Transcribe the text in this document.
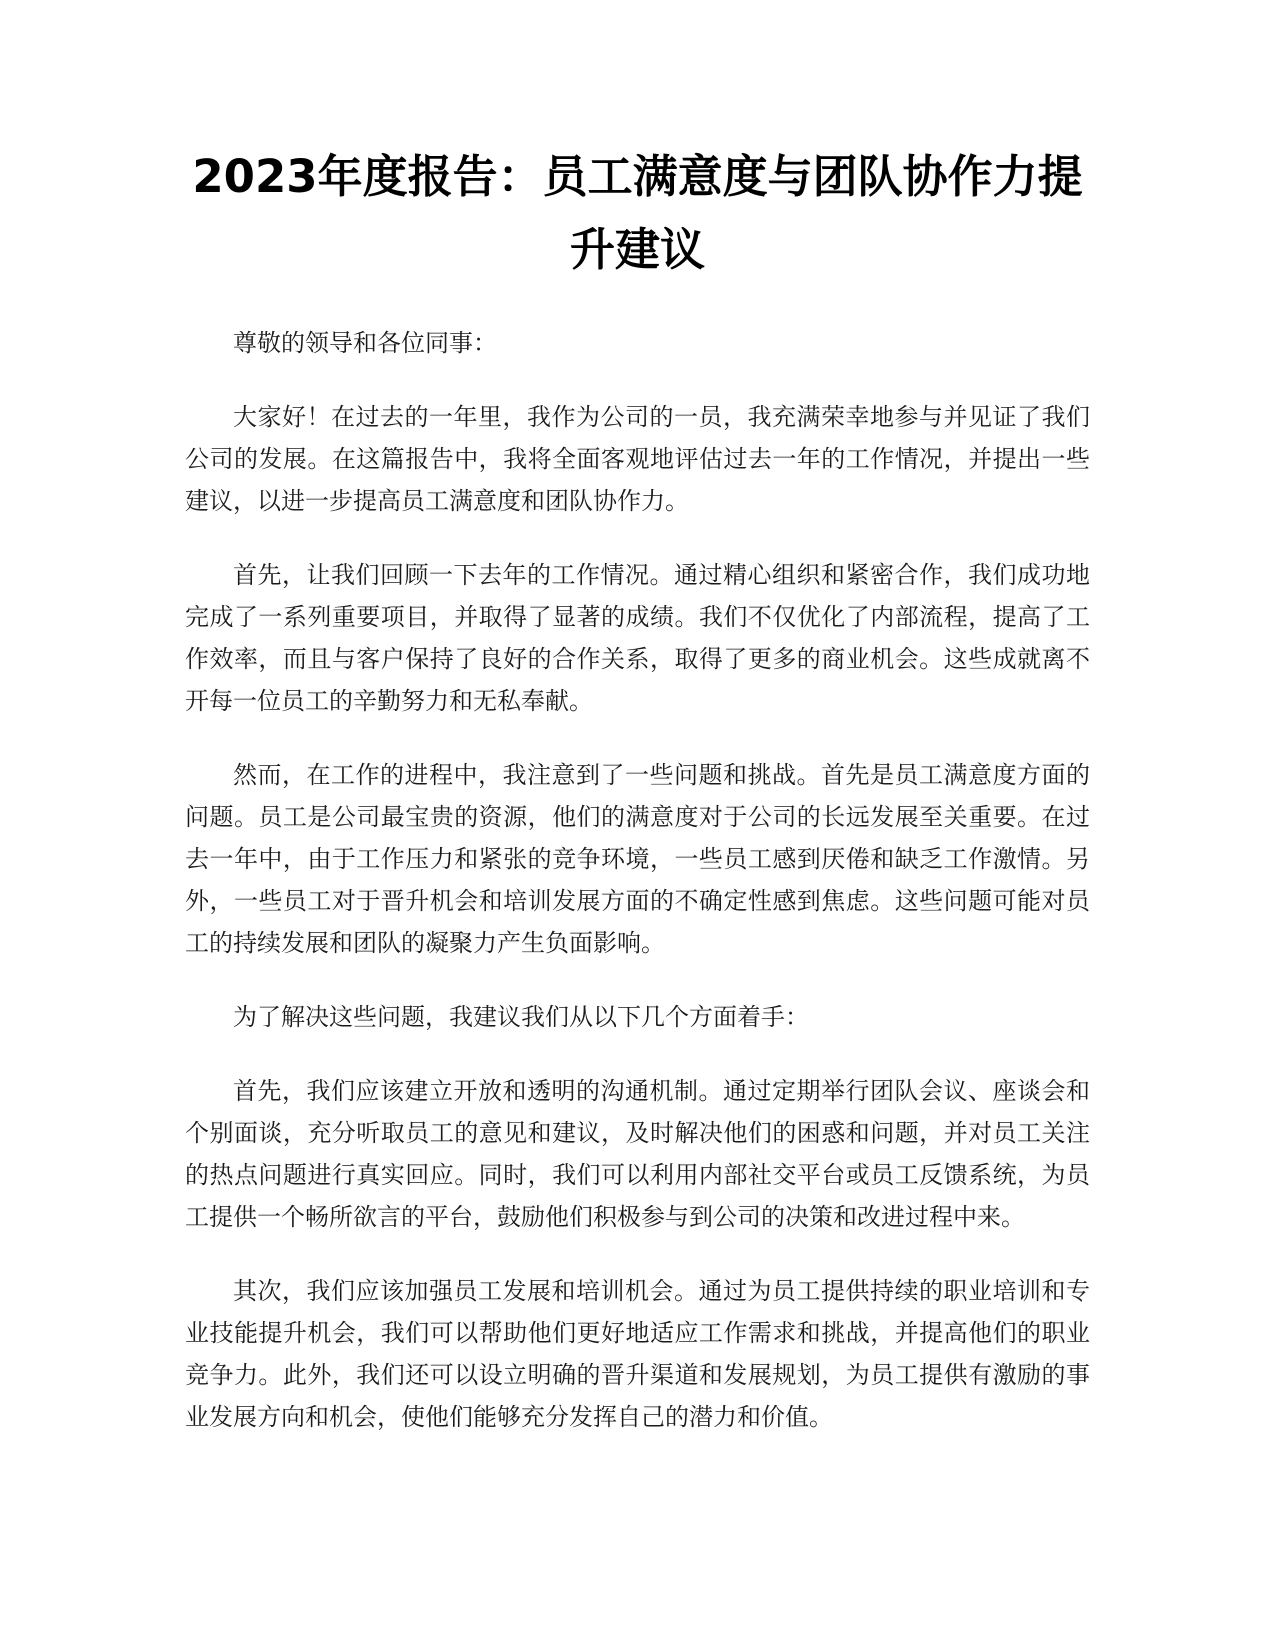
2023年度报告：员工满意度与团队协作力提升建议

尊敬的领导和各位同事：

大家好！在过去的一年里，我作为公司的一员，我充满荣幸地参与并见证了我们公司的发展。在这篇报告中，我将全面客观地评估过去一年的工作情况，并提出一些建议，以进一步提高员工满意度和团队协作力。

首先，让我们回顾一下去年的工作情况。通过精心组织和紧密合作，我们成功地完成了一系列重要项目，并取得了显著的成绩。我们不仅优化了内部流程，提高了工作效率，而且与客户保持了良好的合作关系，取得了更多的商业机会。这些成就离不开每一位员工的辛勤努力和无私奉献。

然而，在工作的进程中，我注意到了一些问题和挑战。首先是员工满意度方面的问题。员工是公司最宝贵的资源，他们的满意度对于公司的长远发展至关重要。在过去一年中，由于工作压力和紧张的竞争环境，一些员工感到厌倦和缺乏工作激情。另外，一些员工对于晋升机会和培训发展方面的不确定性感到焦虑。这些问题可能对员工的持续发展和团队的凝聚力产生负面影响。

为了解决这些问题，我建议我们从以下几个方面着手：

首先，我们应该建立开放和透明的沟通机制。通过定期举行团队会议、座谈会和个别面谈，充分听取员工的意见和建议，及时解决他们的困惑和问题，并对员工关注的热点问题进行真实回应。同时，我们可以利用内部社交平台或员工反馈系统，为员工提供一个畅所欲言的平台，鼓励他们积极参与到公司的决策和改进过程中来。

其次，我们应该加强员工发展和培训机会。通过为员工提供持续的职业培训和专业技能提升机会，我们可以帮助他们更好地适应工作需求和挑战，并提高他们的职业竞争力。此外，我们还可以设立明确的晋升渠道和发展规划，为员工提供有激励的事业发展方向和机会，使他们能够充分发挥自己的潜力和价值。
